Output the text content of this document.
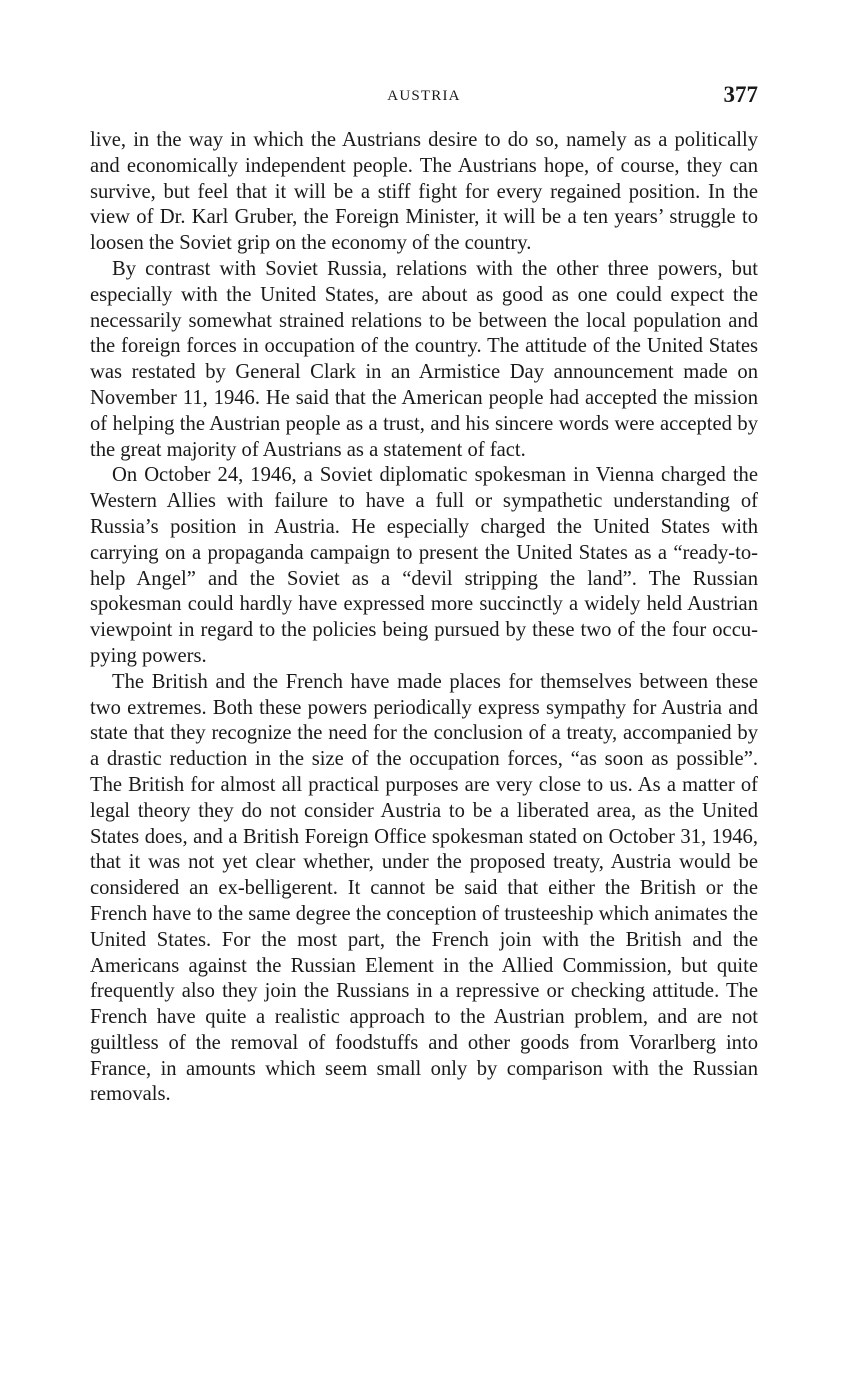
AUSTRIA	377

live, in the way in which the Austrians desire to do so, namely as a politically and economically independent people. The Austrians hope, of course, they can survive, but feel that it will be a stiff fight for every regained position. In the view of Dr. Karl Gruber, the Foreign Minister, it will be a ten years’ struggle to loosen the Soviet grip on the economy of the country.

By contrast with Soviet Russia, relations with the other three powers, but especially with the United States, are about as good as one could expect the necessarily somewhat strained relations to be between the local population and the foreign forces in occupation of the country. The attitude of the United States was restated by General Clark in an Armistice Day announcement made on November 11, 1946. He said that the American people had accepted the mission of helping the Austrian people as a trust, and his sincere words were accepted by the great majority of Austrians as a statement of fact.

On October 24, 1946, a Soviet diplomatic spokesman in Vienna charged the Western Allies with failure to have a full or sympathetic understanding of Russia’s position in Austria. He especially charged the United States with carrying on a propaganda campaign to present the United States as a “ready-to-help Angel” and the Soviet as a “devil stripping the land”. The Russian spokesman could hardly have expressed more succinctly a widely held Austrian viewpoint in regard to the policies being pursued by these two of the four occupying powers.

The British and the French have made places for themselves between these two extremes. Both these powers periodically express sympathy for Austria and state that they recognize the need for the conclusion of a treaty, accompanied by a drastic reduction in the size of the occupation forces, “as soon as possible”. The British for almost all practical purposes are very close to us. As a matter of legal theory they do not consider Austria to be a liberated area, as the United States does, and a British Foreign Office spokesman stated on October 31, 1946, that it was not yet clear whether, under the proposed treaty, Austria would be considered an ex-belligerent. It cannot be said that either the British or the French have to the same degree the conception of trusteeship which animates the United States. For the most part, the French join with the British and the Americans against the Russian Element in the Allied Commission, but quite frequently also they join the Russians in a repressive or checking attitude. The French have quite a realistic approach to the Austrian problem, and are not guiltless of the removal of foodstuffs and other goods from Vorarlberg into France, in amounts which seem small only by comparison with the Russian removals.
